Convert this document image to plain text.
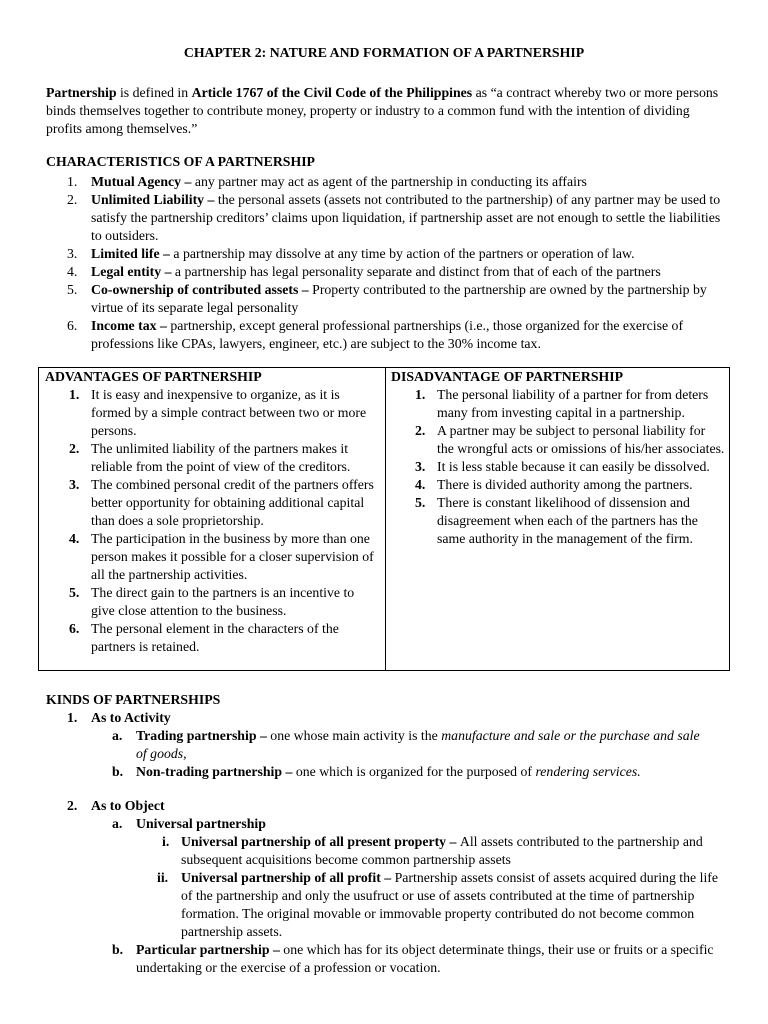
CHAPTER 2: NATURE AND FORMATION OF A PARTNERSHIP
Partnership is defined in Article 1767 of the Civil Code of the Philippines as “a contract whereby two or more persons binds themselves together to contribute money, property or industry to a common fund with the intention of dividing profits among themselves.”
CHARACTERISTICS OF A PARTNERSHIP
1. Mutual Agency – any partner may act as agent of the partnership in conducting its affairs
2. Unlimited Liability – the personal assets (assets not contributed to the partnership) of any partner may be used to satisfy the partnership creditors’ claims upon liquidation, if partnership asset are not enough to settle the liabilities to outsiders.
3. Limited life – a partnership may dissolve at any time by action of the partners or operation of law.
4. Legal entity – a partnership has legal personality separate and distinct from that of each of the partners
5. Co-ownership of contributed assets – Property contributed to the partnership are owned by the partnership by virtue of its separate legal personality
6. Income tax – partnership, except general professional partnerships (i.e., those organized for the exercise of professions like CPAs, lawyers, engineer, etc.) are subject to the 30% income tax.
ADVANTAGES OF PARTNERSHIP	DISADVANTAGE OF PARTNERSHIP
1. It is easy and inexpensive to organize, as it is formed by a simple contract between two or more persons.
2. The unlimited liability of the partners makes it reliable from the point of view of the creditors.
3. The combined personal credit of the partners offers better opportunity for obtaining additional capital than does a sole proprietorship.
4. The participation in the business by more than one person makes it possible for a closer supervision of all the partnership activities.
5. The direct gain to the partners is an incentive to give close attention to the business.
6. The personal element in the characters of the partners is retained.
1. The personal liability of a partner for from deters many from investing capital in a partnership.
2. A partner may be subject to personal liability for the wrongful acts or omissions of his/her associates.
3. It is less stable because it can easily be dissolved.
4. There is divided authority among the partners.
5. There is constant likelihood of dissension and disagreement when each of the partners has the same authority in the management of the firm.
KINDS OF PARTNERSHIPS
1. As to Activity
a. Trading partnership – one whose main activity is the manufacture and sale or the purchase and sale of goods,
b. Non-trading partnership – one which is organized for the purposed of rendering services.
2. As to Object
a. Universal partnership
i. Universal partnership of all present property – All assets contributed to the partnership and subsequent acquisitions become common partnership assets
ii. Universal partnership of all profit – Partnership assets consist of assets acquired during the life of the partnership and only the usufruct or use of assets contributed at the time of partnership formation. The original movable or immovable property contributed do not become common partnership assets.
b. Particular partnership – one which has for its object determinate things, their use or fruits or a specific undertaking or the exercise of a profession or vocation.
